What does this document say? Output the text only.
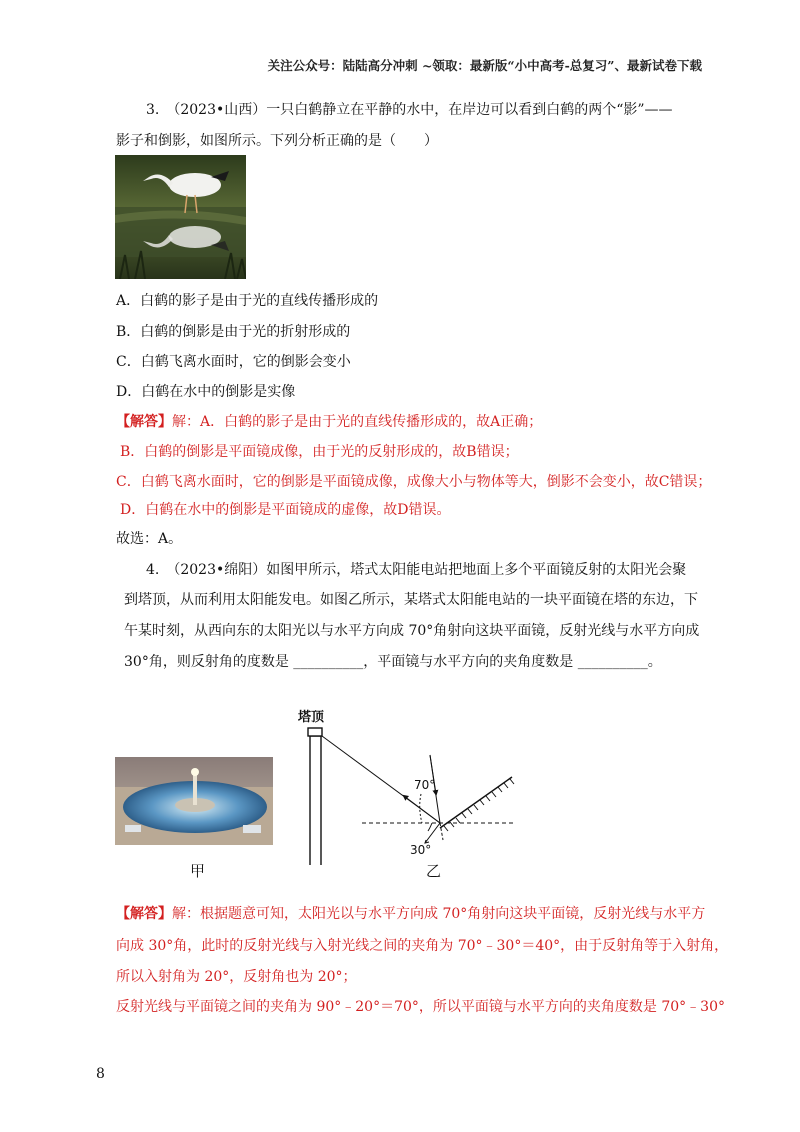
关注公众号：陆陆高分冲刺 ~领取：最新版“小中高考-总复习”、最新试卷下载
3.　（2023•山西）一只白鹤静立在平静的水中，在岸边可以看到白鹤的两个“影”——
影子和倒影，如图所示。下列分析正确的是（　　）
A．白鹤的影子是由于光的直线传播形成的
B．白鹤的倒影是由于光的折射形成的
C．白鹤飞离水面时，它的倒影会变小
D．白鹤在水中的倒影是实像
【解答】解：A．白鹤的影子是由于光的直线传播形成的，故A正确；
B．白鹤的倒影是平面镜成像，由于光的反射形成的，故B错误；
C．白鹤飞离水面时，它的倒影是平面镜成像，成像大小与物体等大，倒影不会变小，故C错误；
D．白鹤在水中的倒影是平面镜成的虚像，故D错误。
故选：A。
4.　（2023•绵阳）如图甲所示，塔式太阳能电站把地面上多个平面镜反射的太阳光会聚
到塔顶，从而利用太阳能发电。如图乙所示，某塔式太阳能电站的一块平面镜在塔的东边，下
午某时刻，从西向东的太阳光以与水平方向成 70°角射向这块平面镜，反射光线与水平方向成
30°角，则反射角的度数是 __________，平面镜与水平方向的夹角度数是 __________。
甲
塔顶
70°
30°
乙
【解答】解：根据题意可知，太阳光以与水平方向成 70°角射向这块平面镜，反射光线与水平方
向成 30°角，此时的反射光线与入射光线之间的夹角为 70°﹣30°＝40°，由于反射角等于入射角，
所以入射角为 20°，反射角也为 20°；
反射光线与平面镜之间的夹角为 90°﹣20°＝70°，所以平面镜与水平方向的夹角度数是 70°﹣30°
8
